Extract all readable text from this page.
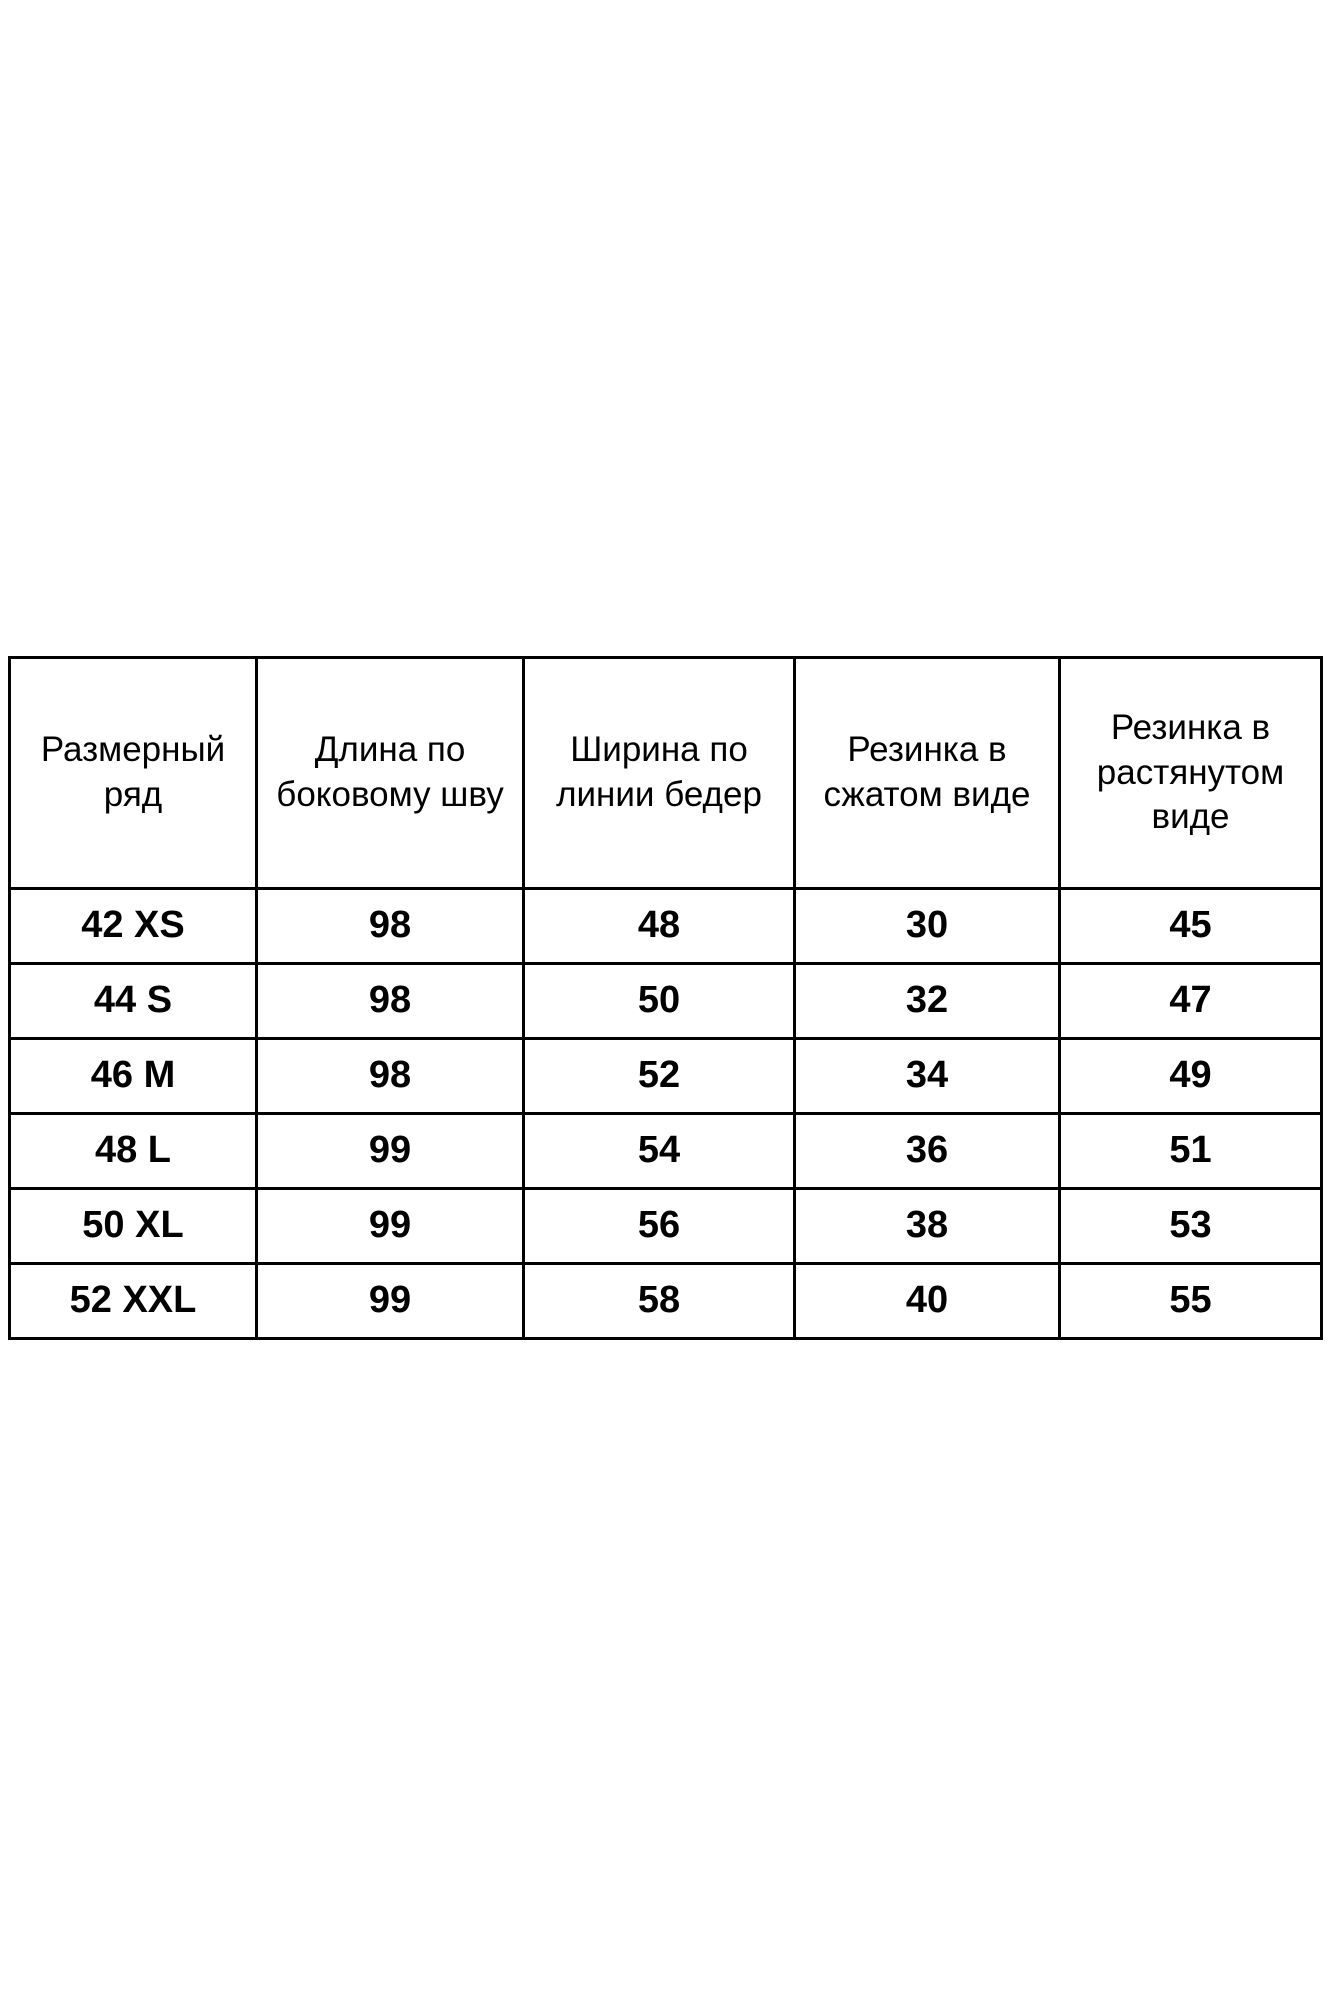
Размерный ряд	Длина по боковому шву	Ширина по линии бедер	Резинка в сжатом виде	Резинка в растянутом виде
42 XS	98	48	30	45
44 S	98	50	32	47
46 M	98	52	34	49
48 L	99	54	36	51
50 XL	99	56	38	53
52 XXL	99	58	40	55
